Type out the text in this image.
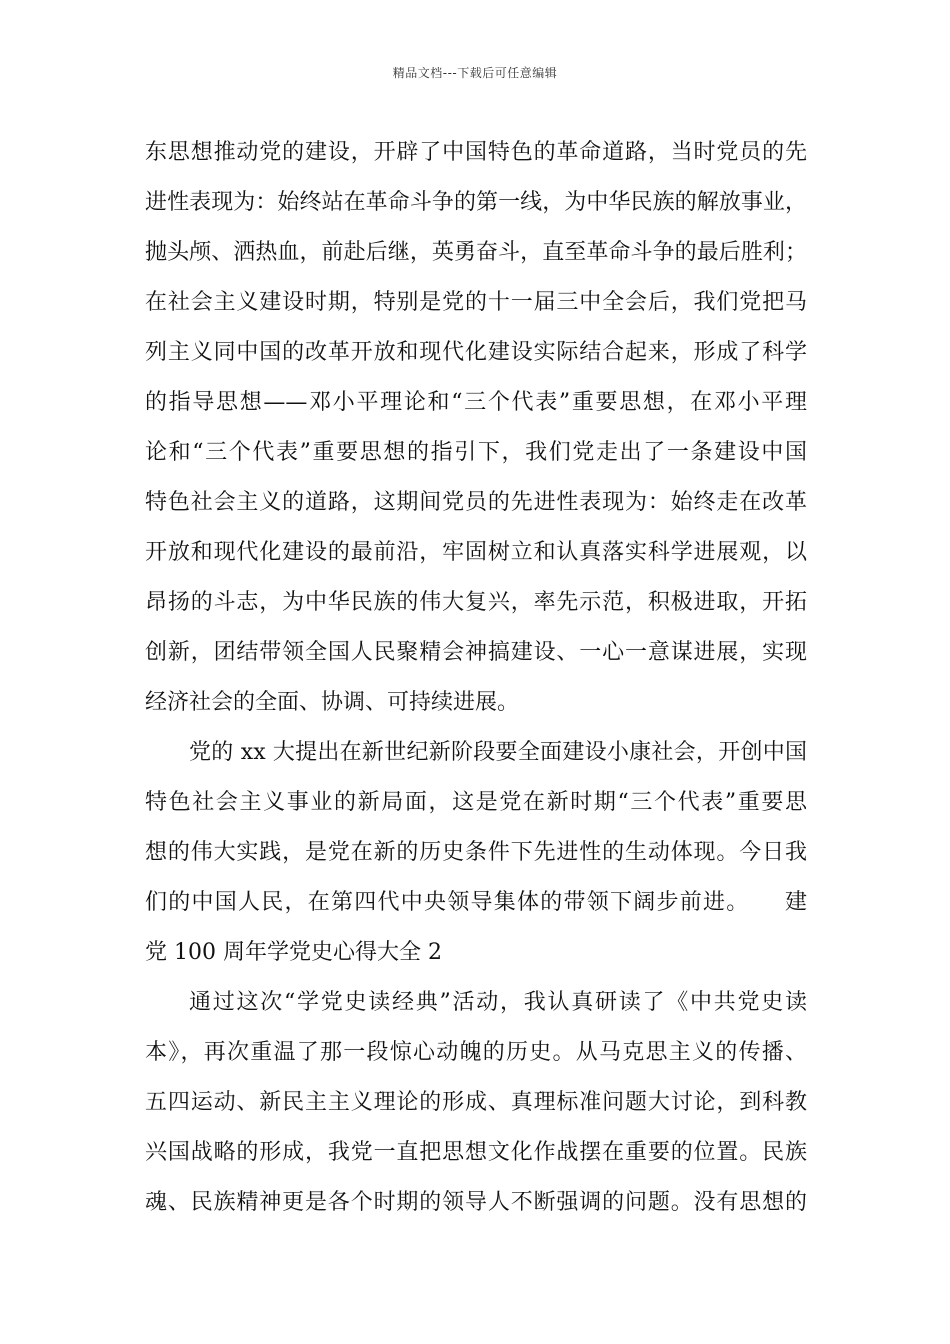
精品文档---下载后可任意编辑
东思想推动党的建设，开辟了中国特色的革命道路，当时党员的先
进性表现为：始终站在革命斗争的第一线，为中华民族的解放事业，
抛头颅、洒热血，前赴后继，英勇奋斗，直至革命斗争的最后胜利；
在社会主义建设时期，特别是党的十一届三中全会后，我们党把马
列主义同中国的改革开放和现代化建设实际结合起来，形成了科学
的指导思想——邓小平理论和“三个代表”重要思想，在邓小平理
论和“三个代表”重要思想的指引下，我们党走出了一条建设中国
特色社会主义的道路，这期间党员的先进性表现为：始终走在改革
开放和现代化建设的最前沿，牢固树立和认真落实科学进展观，以
昂扬的斗志，为中华民族的伟大复兴，率先示范，积极进取，开拓
创新，团结带领全国人民聚精会神搞建设、一心一意谋进展，实现
经济社会的全面、协调、可持续进展。
党的 xx 大提出在新世纪新阶段要全面建设小康社会，开创中国
特色社会主义事业的新局面，这是党在新时期“三个代表”重要思
想的伟大实践，是党在新的历史条件下先进性的生动体现。今日我
们的中国人民，在第四代中央领导集体的带领下阔步前进。　　建
党 100 周年学党史心得大全 2
通过这次“学党史读经典”活动，我认真研读了《中共党史读
本》，再次重温了那一段惊心动魄的历史。从马克思主义的传播、
五四运动、新民主主义理论的形成、真理标准问题大讨论，到科教
兴国战略的形成，我党一直把思想文化作战摆在重要的位置。民族
魂、民族精神更是各个时期的领导人不断强调的问题。没有思想的
